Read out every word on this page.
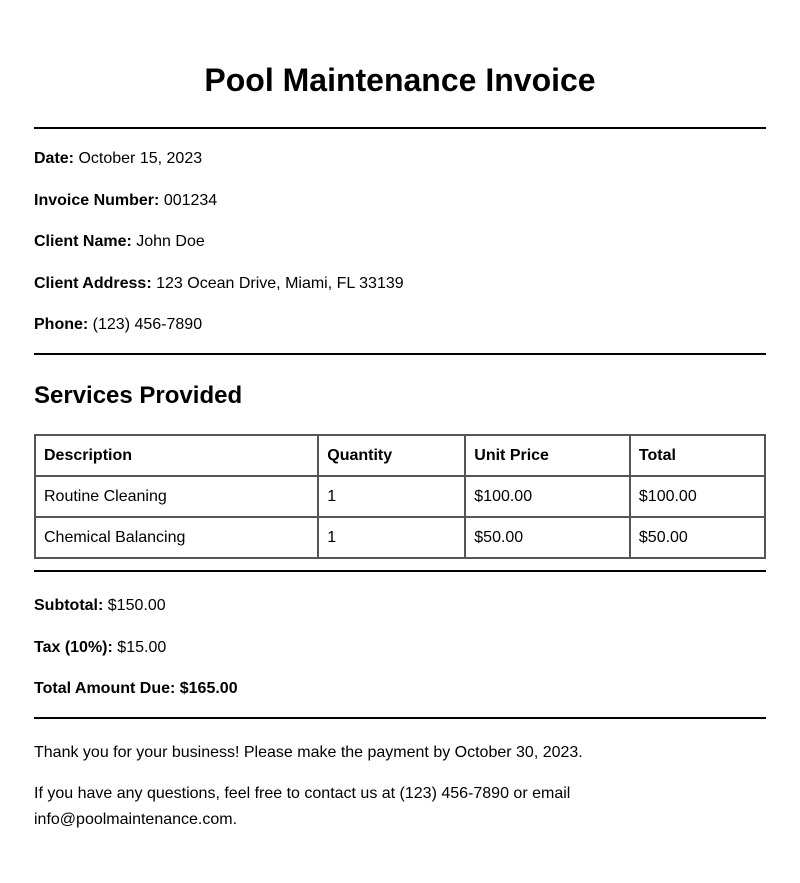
Pool Maintenance Invoice
Date: October 15, 2023
Invoice Number: 001234
Client Name: John Doe
Client Address: 123 Ocean Drive, Miami, FL 33139
Phone: (123) 456-7890
Services Provided
Description	Quantity	Unit Price	Total
Routine Cleaning	1	$100.00	$100.00
Chemical Balancing	1	$50.00	$50.00
Subtotal: $150.00
Tax (10%): $15.00
Total Amount Due: $165.00

Thank you for your business! Please make the payment by October 30, 2023.

If you have any questions, feel free to contact us at (123) 456-7890 or email info@poolmaintenance.com.
